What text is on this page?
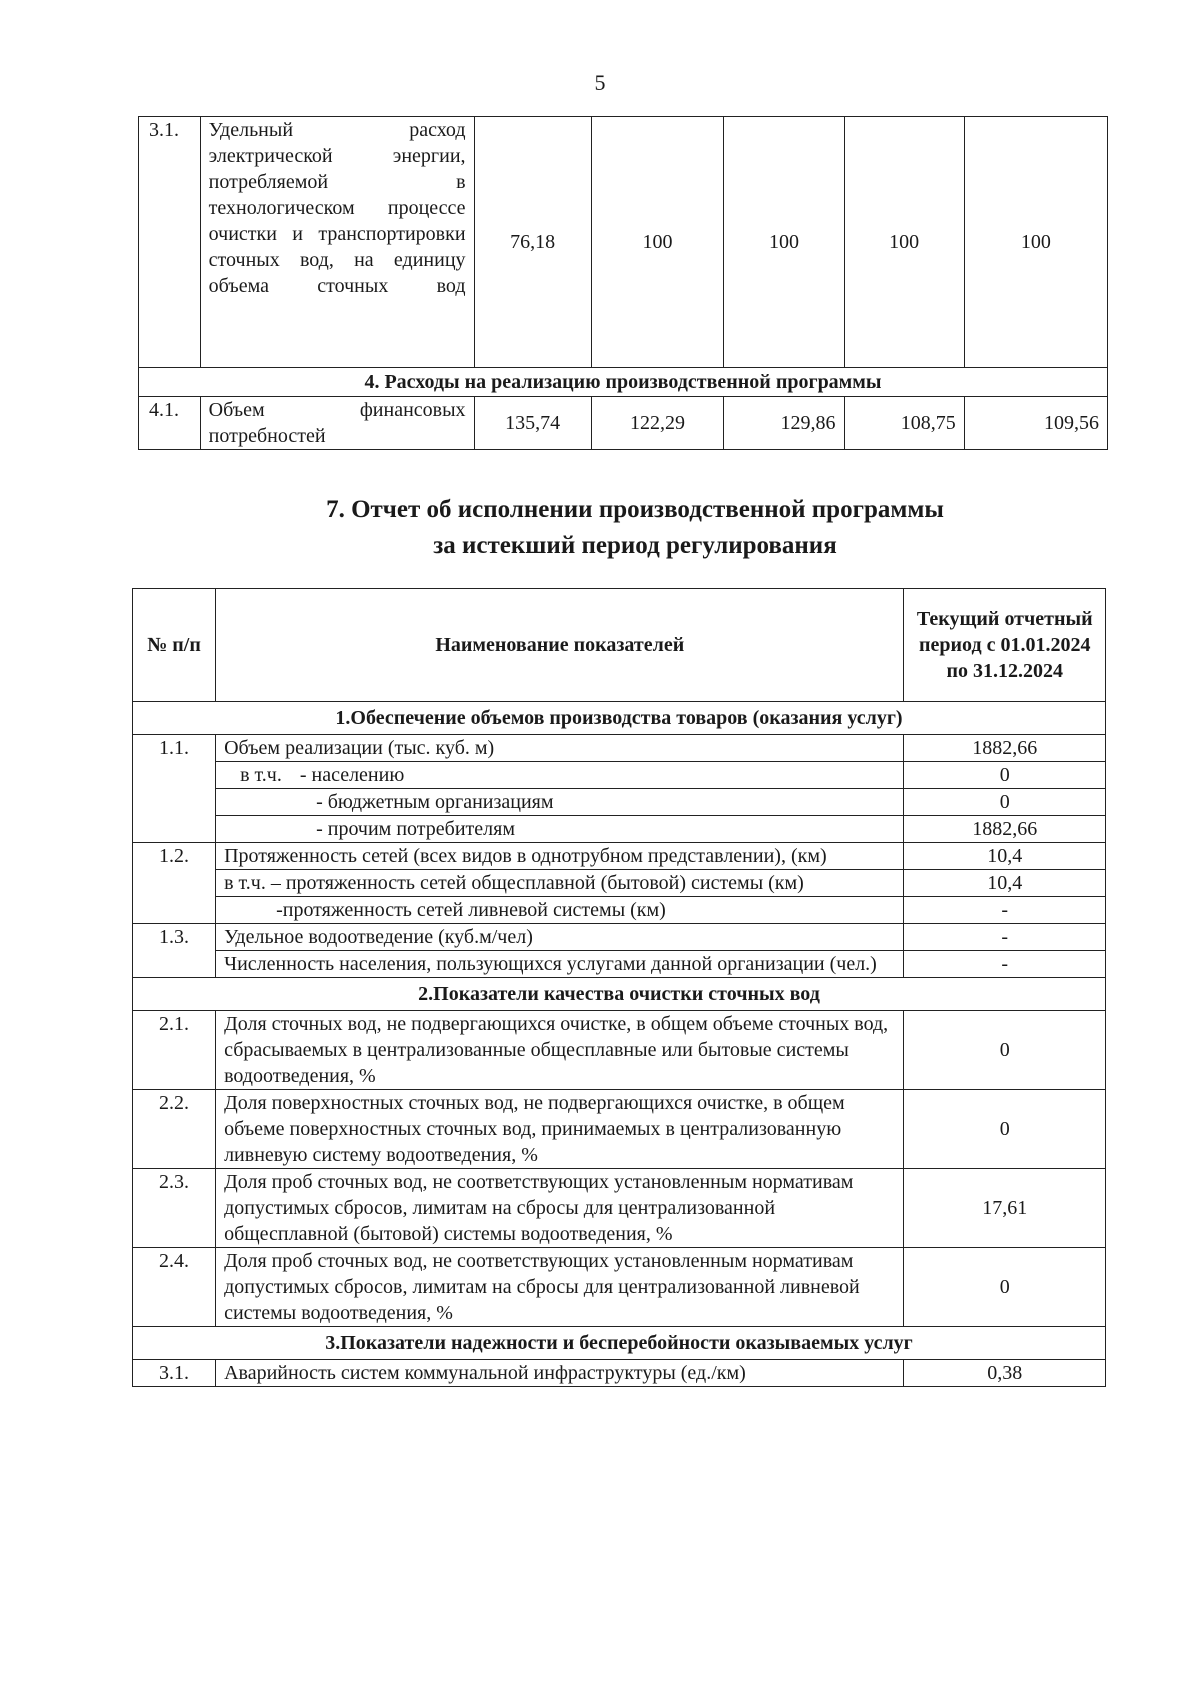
5
3.1.	Удельный расход электрической энергии, потребляемой в технологическом процессе очистки и транспортировки сточных вод, на единицу объема сточных вод	76,18	100	100	100	100
4. Расходы на реализацию производственной программы						
4.1.	Объем финансовых потребностей	135,74	122,29	129,86	108,75	109,56
7. Отчет об исполнении производственной программы
за истекший период регулирования
№ п/п	Наименование показателей	Текущий отчетный период с 01.01.2024 по 31.12.2024
1.Обеспечение объемов производства товаров (оказания услуг)		
1.1.	Объем реализации (тыс. куб. м)	1882,66
	в т.ч. - населению	0
	- бюджетным организациям	0
	- прочим потребителям	1882,66
1.2.	Протяженность сетей (всех видов в однотрубном представлении), (км)	10,4
	в т.ч. – протяженность сетей общесплавной (бытовой) системы (км)	10,4
	-протяженность сетей ливневой системы (км)	-
1.3.	Удельное водоотведение (куб.м/чел)	-
	Численность населения, пользующихся услугами данной организации (чел.)	-
2.Показатели качества очистки сточных вод		
2.1.	Доля сточных вод, не подвергающихся очистке, в общем объеме сточных вод, сбрасываемых в централизованные общесплавные или бытовые системы водоотведения, %	0
2.2.	Доля поверхностных сточных вод, не подвергающихся очистке, в общем объеме поверхностных сточных вод, принимаемых в централизованную ливневую систему водоотведения, %	0
2.3.	Доля проб сточных вод, не соответствующих установленным нормативам допустимых сбросов, лимитам на сбросы для централизованной общесплавной (бытовой) системы водоотведения, %	17,61
2.4.	Доля проб сточных вод, не соответствующих установленным нормативам допустимых сбросов, лимитам на сбросы для централизованной ливневой системы водоотведения, %	0
3.Показатели надежности и бесперебойности оказываемых услуг		
3.1.	Аварийность систем коммунальной инфраструктуры (ед./км)	0,38
